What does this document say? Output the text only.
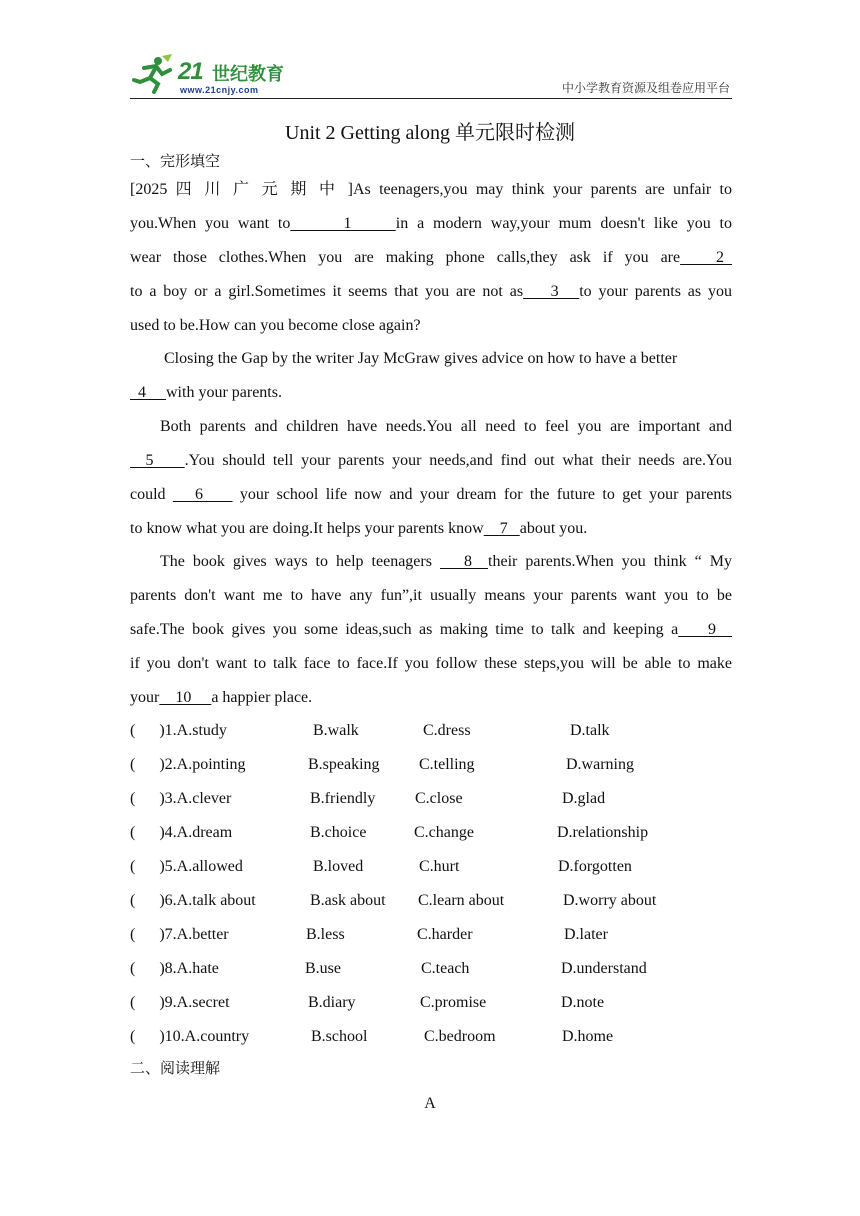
21 世纪教育
www.21cnjy.com	中小学教育资源及组卷应用平台
Unit 2 Getting along 单元限时检测
一、完形填空
[2025 四 川 广 元 期 中 ]As teenagers,you may think your parents are unfair to
you.When you want to      1     in a modern way,your mum doesn't like you to
wear those clothes.When you are making phone calls,they ask if you are   2
to a boy or a girl.Sometimes it seems that you are not as    3   to your parents as you
used to be.How can you become close again?
Closing the Gap by the writer Jay McGraw gives advice on how to have a better
4     with your parents.
Both parents and children have needs.You all need to feel you are important and
5    .You should tell your parents your needs,and find out what their needs are.You
could    6     your school life now and your dream for the future to get your parents
to know what you are doing.It helps your parents know    7   about you.
The book gives ways to help teenagers    8  their parents.When you think “ My
parents don't want me to have any fun”,it usually means your parents want you to be
safe.The book gives you some ideas,such as making time to talk and keeping a    9
if you don't want to talk face to face.If you follow these steps,you will be able to make
your    10     a happier place.
(      )1.A.study	B.walk	C.dress	D.talk
(      )2.A.pointing	B.speaking C.telling	D.warning
(      )3.A.clever	B.friendly C.close	D.glad
(      )4.A.dream	B.choice	C.change	D.relationship
(      )5.A.allowed	B.loved	C.hurt	D.forgotten
(      )6.A.talk about	B.ask about C.learn about	D.worry about
(      )7.A.better	B.less	C.harder	D.later
(      )8.A.hate	B.use	C.teach	D.understand
(      )9.A.secret	B.diary	C.promise	D.note
(      )10.A.country	B.school	C.bedroom	D.home
二、阅读理解
A
